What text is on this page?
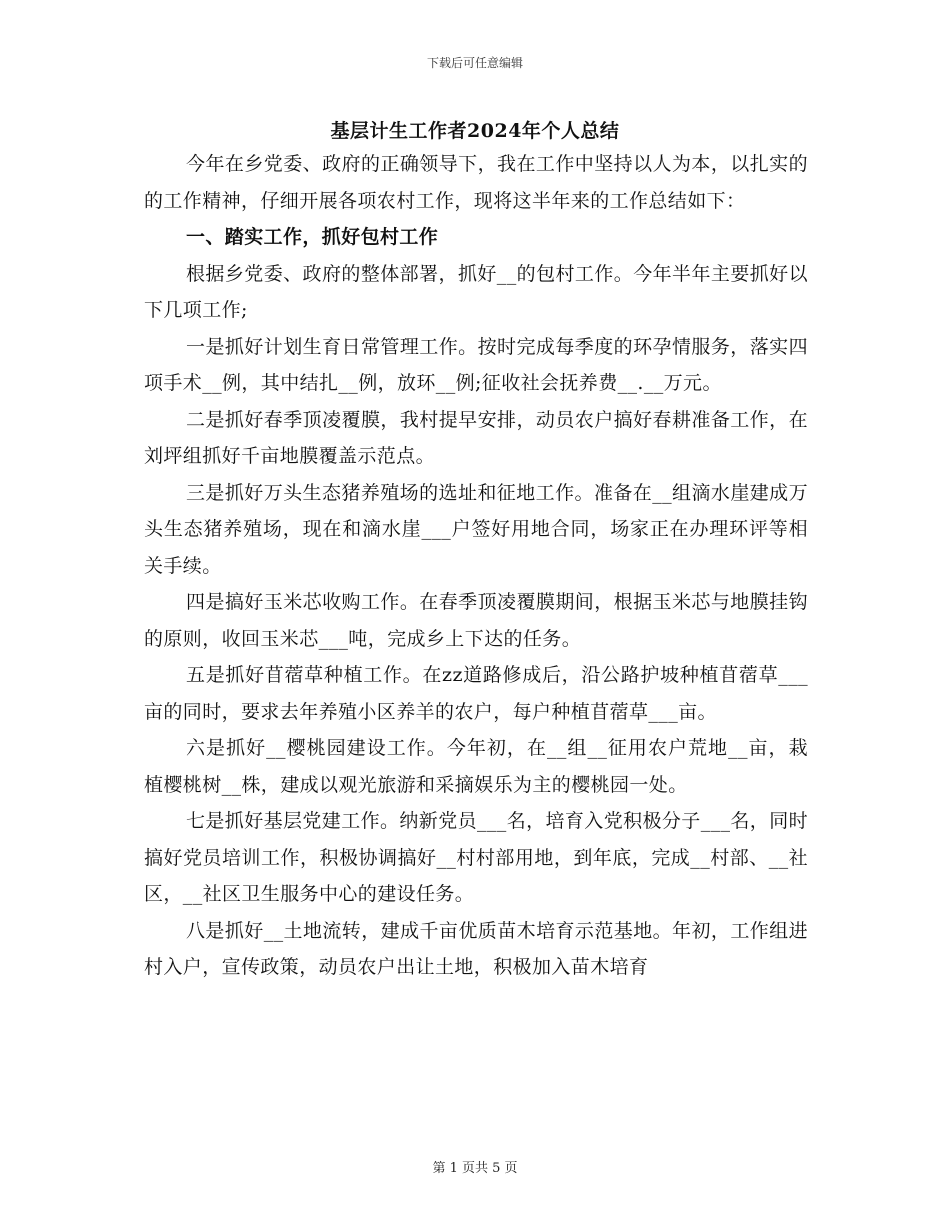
下载后可任意编辑
基层计生工作者2024年个人总结

今年在乡党委、政府的正确领导下，我在工作中坚持以人为本，以扎实的的工作精神，仔细开展各项农村工作，现将这半年来的工作总结如下：

一、踏实工作，抓好包村工作

根据乡党委、政府的整体部署，抓好__的包村工作。今年半年主要抓好以下几项工作;

一是抓好计划生育日常管理工作。按时完成每季度的环孕情服务，落实四项手术__例，其中结扎__例，放环__例;征收社会抚养费__.__万元。

二是抓好春季顶凌覆膜，我村提早安排，动员农户搞好春耕准备工作，在刘坪组抓好千亩地膜覆盖示范点。

三是抓好万头生态猪养殖场的选址和征地工作。准备在__组滴水崖建成万头生态猪养殖场，现在和滴水崖___户签好用地合同，场家正在办理环评等相关手续。

四是搞好玉米芯收购工作。在春季顶凌覆膜期间，根据玉米芯与地膜挂钩的原则，收回玉米芯___吨，完成乡上下达的任务。

五是抓好苜蓿草种植工作。在zz道路修成后，沿公路护坡种植苜蓿草___亩的同时，要求去年养殖小区养羊的农户，每户种植苜蓿草___亩。

六是抓好__樱桃园建设工作。今年初，在__组__征用农户荒地__亩，栽植樱桃树__株，建成以观光旅游和采摘娱乐为主的樱桃园一处。

七是抓好基层党建工作。纳新党员___名，培育入党积极分子___名，同时搞好党员培训工作，积极协调搞好__村村部用地，到年底，完成__村部、__社区，__社区卫生服务中心的建设任务。

八是抓好__土地流转，建成千亩优质苗木培育示范基地。年初，工作组进村入户，宣传政策，动员农户出让土地，积极加入苗木培育

第 1 页共 5 页
